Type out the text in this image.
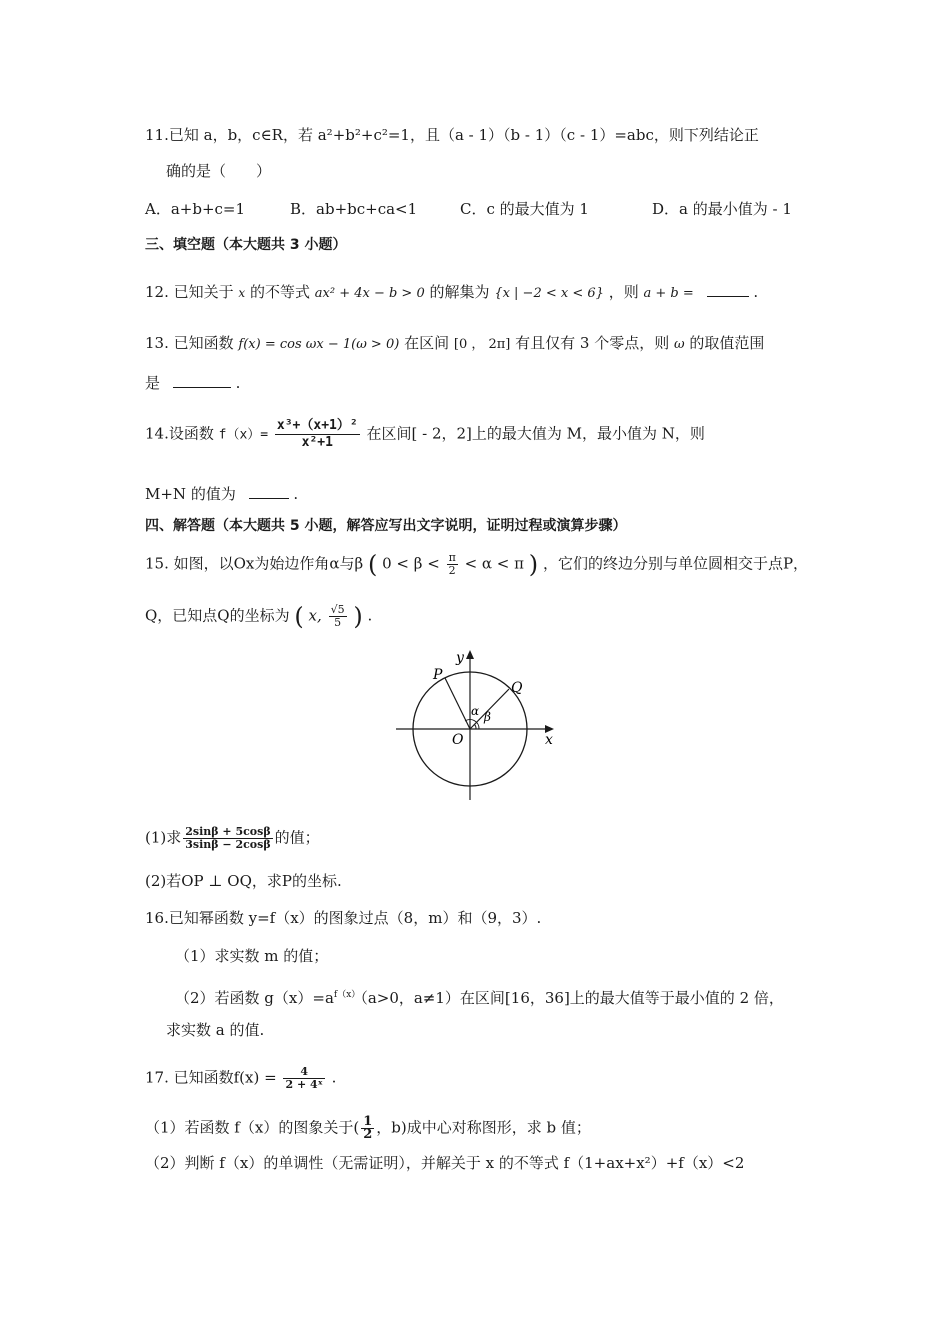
11.已知 a，b，c∈R，若 a²+b²+c²=1，且（a - 1）（b - 1）（c - 1）=abc，则下列结论正
确的是（　　）
A．a+b+c=1	B．ab+bc+ca<1	C．c 的最大值为 1	D．a 的最小值为 - 1
三、填空题（本大题共 3 小题）
12. 已知关于 x 的不等式 ax² + 4x − b > 0 的解集为 {x | −2 < x < 6} ，则 a + b =	.
13. 已知函数 f(x) = cos ωx − 1(ω > 0) 在区间 [0 ， 2π] 有且仅有 3 个零点，则 ω 的取值范围
是	.
14.设函数 $f(x)= \frac{\text{x³+（x+1）²}}{\text{x²+1}}$ 在区间[ - 2，2]上的最大值为 M，最小值为 N，则
M+N 的值为	.
四、解答题（本大题共 5 小题，解答应写出文字说明，证明过程或演算步骤）
15. 如图，以Ox为始边作角α与β ( $0 < \beta < \frac{\pi}{2} < \alpha < \pi$ ) ，它们的终边分别与单位圆相交于点P，
Q，已知点Q的坐标为 ( x, $\frac{√5}{5}$ ) .
y
x
O
P
Q
α β
(1)求 $\frac{2\sin\beta + 5\cos\beta}{3\sin\beta - 2\cos\beta}$ 的值；
(2)若OP ⊥ OQ，求P的坐标.
16.已知幂函数 y=f（x）的图象过点（8，m）和（9，3）.
（1）求实数 m 的值；
（2）若函数 $g(x)=a^{f(x)}(a>0$，a≠1）在区间[16，36]上的最大值等于最小值的 2 倍，
求实数 a 的值.
17. 已知函数$f(x) = \frac{4}{\text{2 + 4ˣ}}$ .
（1）若函数 f（x）的图象关于( $\frac{1}{2}$ ，b)成中心对称图形，求 b 值；
（2）判断 f（x）的单调性（无需证明），并解关于 x 的不等式 f（1+ax+x²）+f（x）<2
